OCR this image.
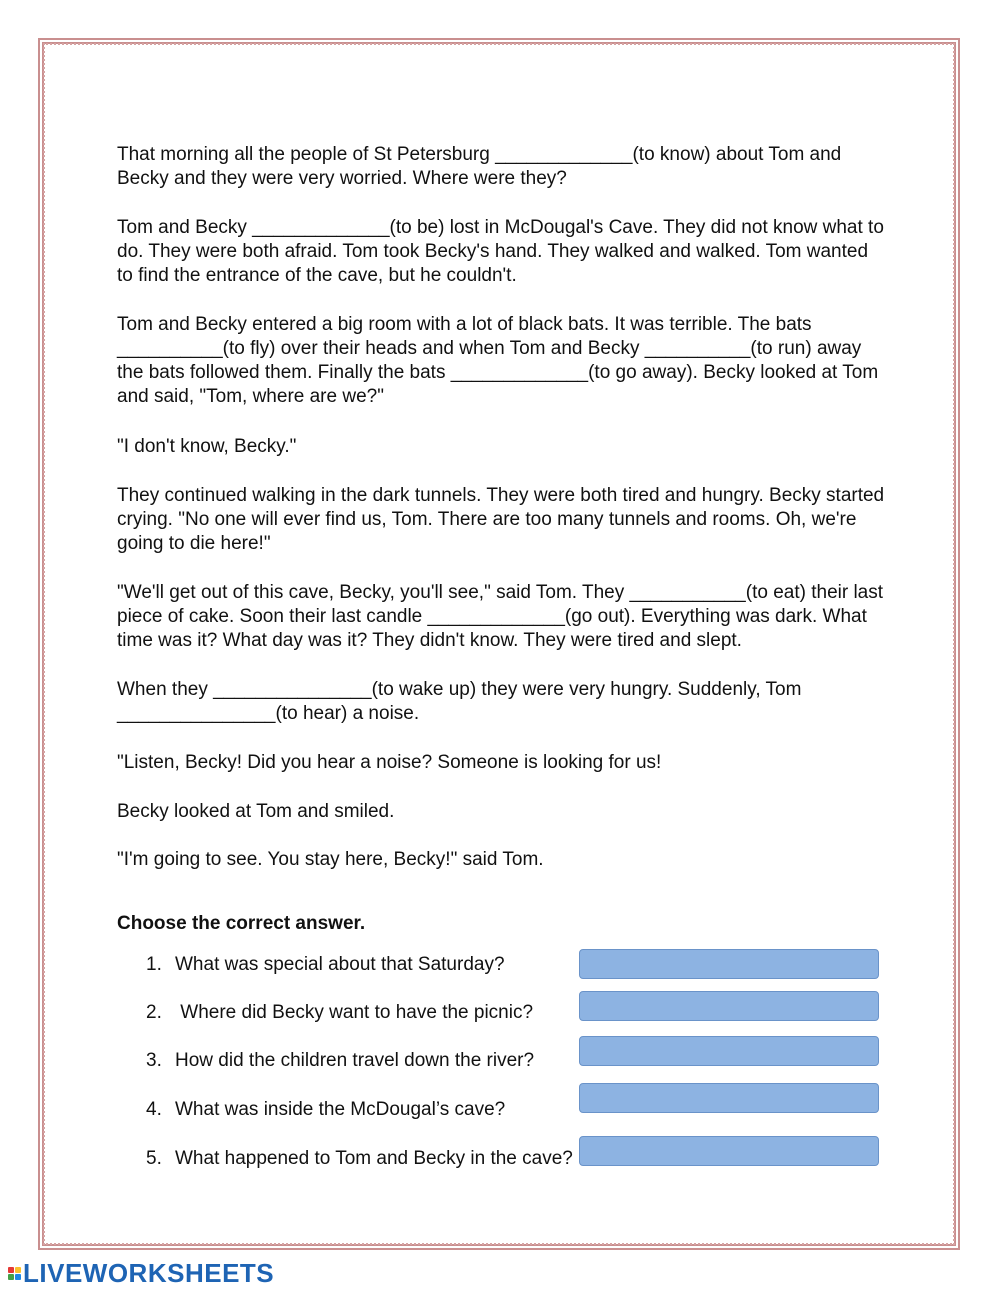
That morning all the people of St Petersburg _____________(to know) about Tom and Becky and they were very worried. Where were they?

Tom and Becky _____________(to be) lost in McDougal's Cave. They did not know what to do. They were both afraid. Tom took Becky's hand. They walked and walked. Tom wanted to find the entrance of the cave, but he couldn't.

Tom and Becky entered a big room with a lot of black bats. It was terrible. The bats __________(to fly) over their heads and when Tom and Becky __________(to run) away the bats followed them. Finally the bats _____________(to go away). Becky looked at Tom and said, "Tom, where are we?"

"I don't know, Becky."

They continued walking in the dark tunnels. They were both tired and hungry. Becky started crying. "No one will ever find us, Tom. There are too many tunnels and rooms. Oh, we're going to die here!"

"We'll get out of this cave, Becky, you'll see," said Tom. They ___________(to eat) their last piece of cake. Soon their last candle _____________(go out). Everything was dark. What time was it? What day was it? They didn't know. They were tired and slept.

When they _______________(to wake up) they were very hungry. Suddenly, Tom _______________(to hear) a noise.

"Listen, Becky! Did you hear a noise? Someone is looking for us!

Becky looked at Tom and smiled.

"I'm going to see. You stay here, Becky!" said Tom.

Choose the correct answer.

1. What was special about that Saturday?
2. Where did Becky want to have the picnic?
3. How did the children travel down the river?
4. What was inside the McDougal’s cave?
5. What happened to Tom and Becky in the cave?
LIVEWORKSHEETS
